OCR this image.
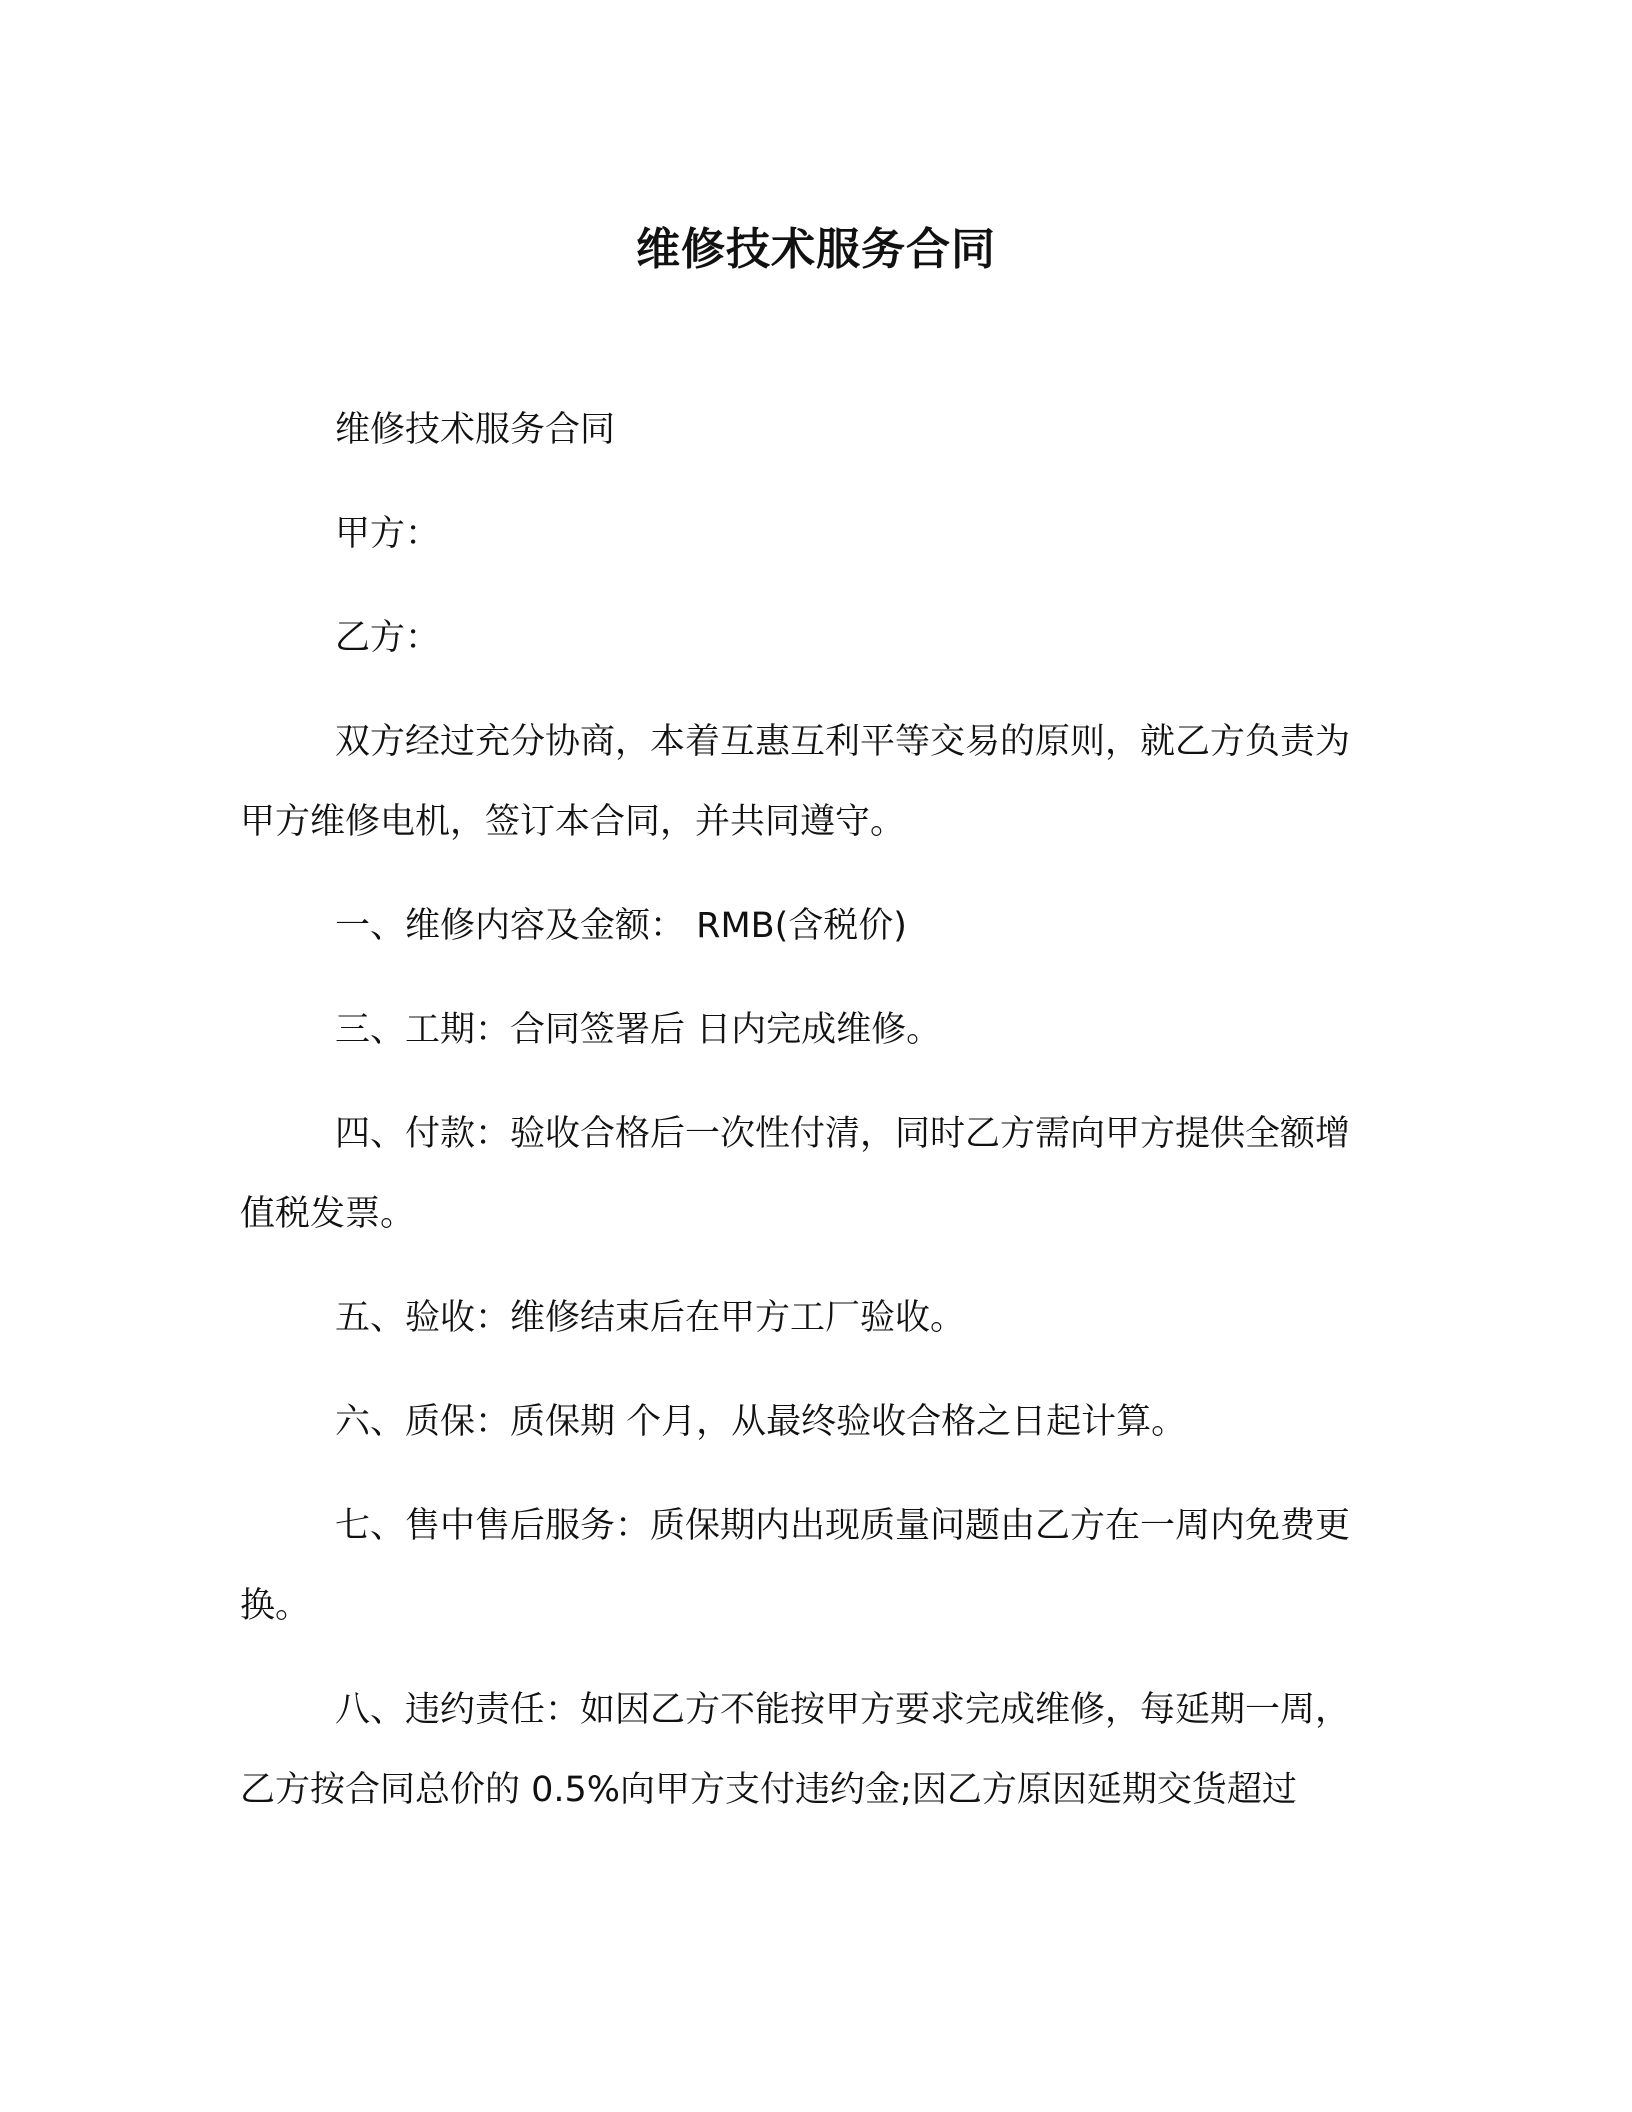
维修技术服务合同

维修技术服务合同

甲方：

乙方：

双方经过充分协商，本着互惠互利平等交易的原则，就乙方负责为甲方维修电机，签订本合同，并共同遵守。

一、维修内容及金额： RMB(含税价)

三、工期：合同签署后 日内完成维修。

四、付款：验收合格后一次性付清，同时乙方需向甲方提供全额增值税发票。

五、验收：维修结束后在甲方工厂验收。

六、质保：质保期 个月，从最终验收合格之日起计算。

七、售中售后服务：质保期内出现质量问题由乙方在一周内免费更换。

八、违约责任：如因乙方不能按甲方要求完成维修，每延期一周，乙方按合同总价的 0.5%向甲方支付违约金;因乙方原因延期交货超过
